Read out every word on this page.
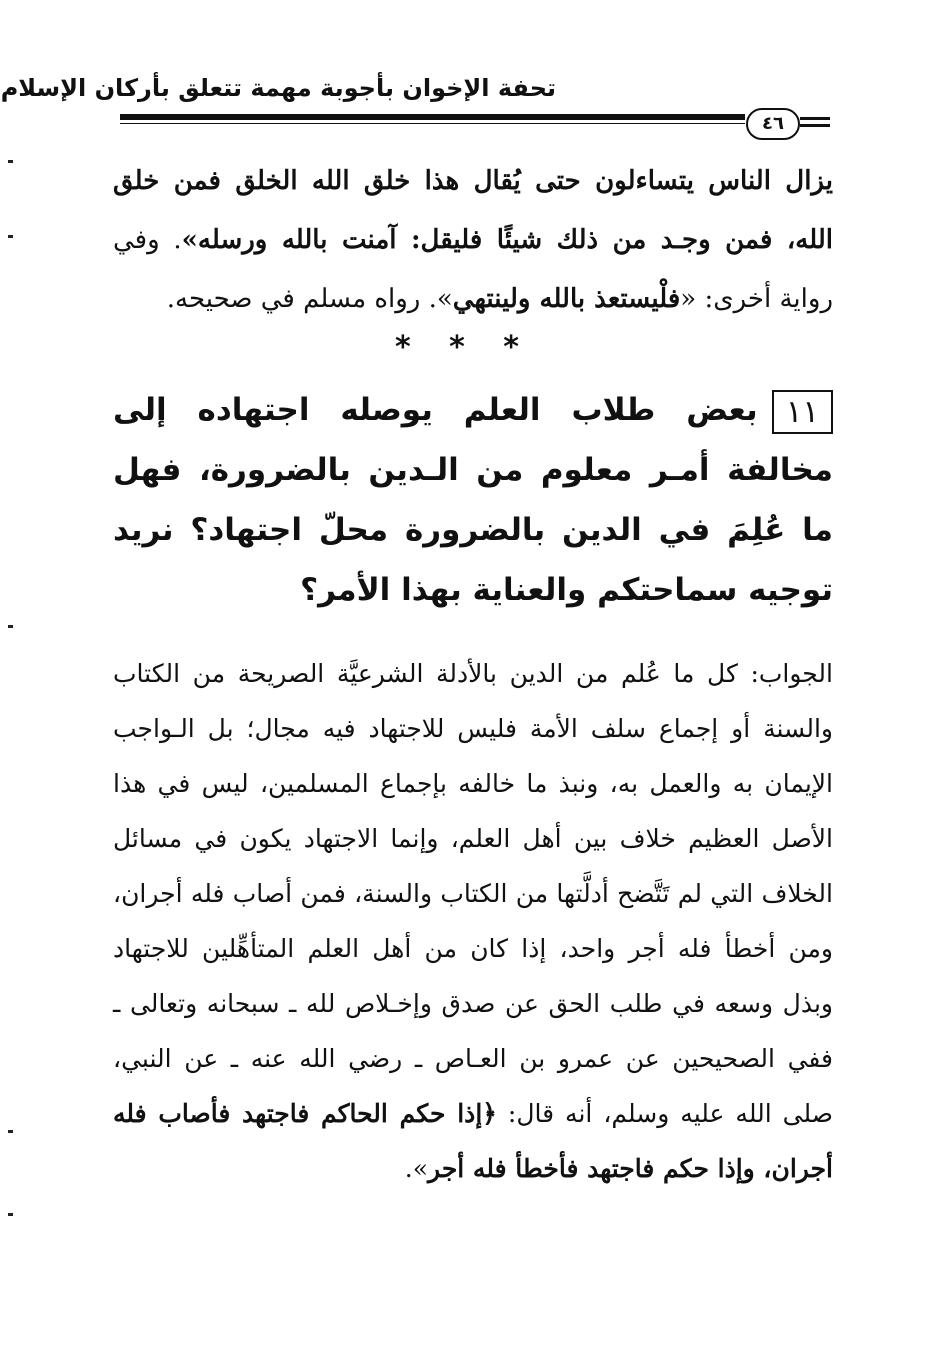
تحفة الإخوان بأجوبة مهمة تتعلق بأركان الإسلام
٤٦

يزال الناس يتساءلون حتى يُقال هذا خلق الله الخلق فمن خلق الله، فمن وجـد من ذلك شيئًا فليقل: آمنت بالله ورسله». وفي رواية أخرى: «فلْيستعذ بالله ولينتهي». رواه مسلم في صحيحه.

* * *

١١بعض طلاب العلم يوصله اجتهاده إلى مخالفة أمـر معلوم من الـدين بالضرورة، فهل ما عُلِمَ في الدين بالضرورة محلّ اجتهاد؟ نريد توجيه سماحتكم والعناية بهذا الأمر؟

الجواب: كل ما عُلم من الدين بالأدلة الشرعيَّة الصريحة من الكتاب والسنة أو إجماع سلف الأمة فليس للاجتهاد فيه مجال؛ بل الـواجب الإيمان به والعمل به، ونبذ ما خالفه بإجماع المسلمين، ليس في هذا الأصل العظيم خلاف بين أهل العلم، وإنما الاجتهاد يكون في مسائل الخلاف التي لم تَتَّضح أدلَّتها من الكتاب والسنة، فمن أصاب فله أجران، ومن أخطأ فله أجر واحد، إذا كان من أهل العلم المتأهِّلين للاجتهاد وبذل وسعه في طلب الحق عن صدق وإخـلاص لله ـ سبحانه وتعالى ـ ففي الصحيحين عن عمرو بن العـاص ـ رضي الله عنه ـ عن النبي، صلى الله عليه وسلم، أنه قال: ﴿إذا حكم الحاكم فاجتهد فأصاب فله أجران، وإذا حكم فاجتهد فأخطأ فله أجر».
